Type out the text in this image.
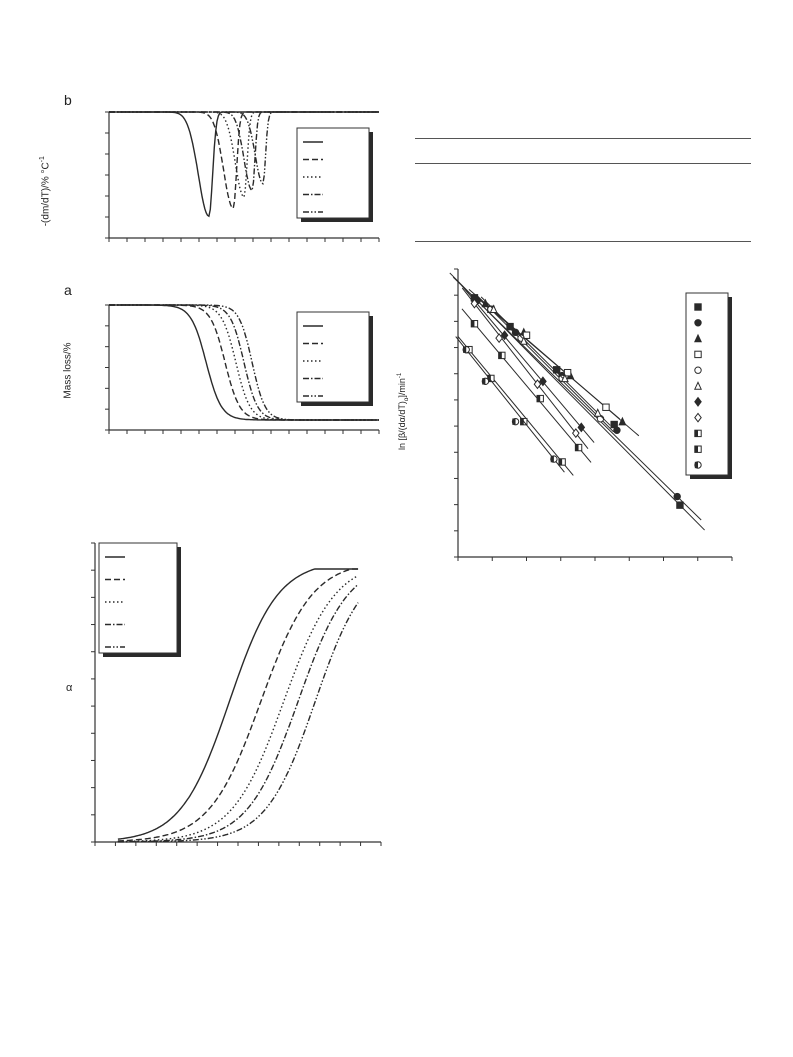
b
-(dm/dT)/% $^\circ C^{-1}$
a
Mass loss/%
α
$\ln [\beta/(d\alpha/dT)_\alpha]/\min^{-1}$
